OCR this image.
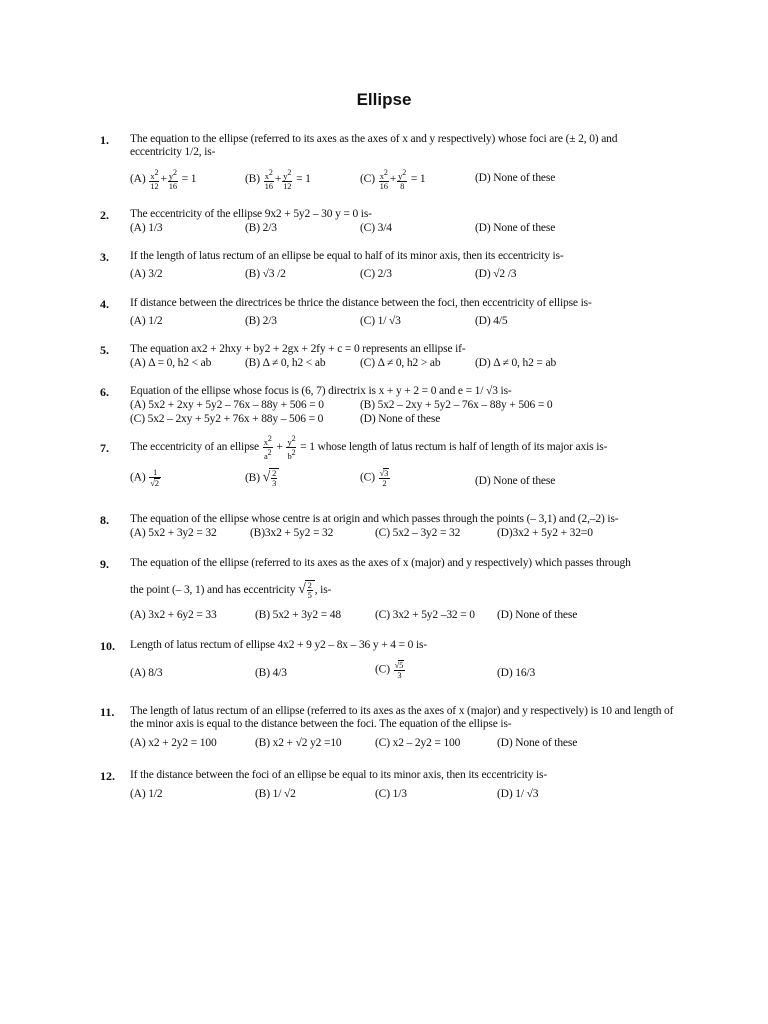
Ellipse
1. The equation to the ellipse (referred to its axes as the axes of x and y respectively) whose foci are (± 2, 0) and eccentricity 1/2, is-
$(A) \frac{x^2}{12} + \frac{y^2}{16} = 1$	$(B) \frac{x^2}{16} + \frac{y^2}{12} = 1$	$(C) \frac{x^2}{16} + \frac{y^2}{8} = 1$	(D) None of these
2. The eccentricity of the ellipse 9x2 + 5y2 – 30 y = 0 is-
(A) 1/3	(B) 2/3	(C) 3/4	(D) None of these
3. If the length of latus rectum of an ellipse be equal to half of its minor axis, then its eccentricity is-
(A) 3/2	(B) √3 /2	(C) 2/3	(D) √2 /3
4. If distance between the directrices be thrice the distance between the foci, then eccentricity of ellipse is-
(A) 1/2	(B) 2/3	(C) 1/ √3	(D) 4/5
5. The equation ax2 + 2hxy + by2 + 2gx + 2fy + c = 0 represents an ellipse if-
(A) Δ = 0, h2 < ab	(B) Δ ≠ 0, h2 < ab	(C) Δ ≠ 0, h2 > ab	(D) Δ ≠ 0, h2 = ab
6. Equation of the ellipse whose focus is (6, 7) directrix is x + y + 2 = 0 and e = 1/ √3 is-
(A) 5x2 + 2xy + 5y2 – 76x – 88y + 506 = 0	(B) 5x2 – 2xy + 5y2 – 76x – 88y + 506 = 0
(C) 5x2 – 2xy + 5y2 + 76x + 88y – 506 = 0	(D) None of these
7. The eccentricity of an ellipse $\frac{x^2}{a^2} + \frac{y^2}{b^2} = 1$ whose length of latus rectum is half of length of its major axis is-
$(A) \frac{1}{√2}$	(B) √ $\frac{2}{3}$	$(C) \frac{√3}{2}$	(D) None of these
8. The equation of the ellipse whose centre is at origin and which passes through the points (– 3,1) and (2,–2) is-
(A) 5x2 + 3y2 = 32	(B)3x2 + 5y2 = 32	(C) 5x2 – 3y2 = 32	(D)3x2 + 5y2 + 32=0
9. The equation of the ellipse (referred to its axes as the axes of x (major) and y respectively) which passes through
the point (– 3, 1) and has eccentricity √ $\frac{2}{5}$ , is-
(A) 3x2 + 6y2 = 33	(B) 5x2 + 3y2 = 48	(C) 3x2 + 5y2 –32 = 0 (D) None of these
10. Length of latus rectum of ellipse 4x2 + 9 y2 – 8x – 36 y + 4 = 0 is-
(A) 8/3	(B) 4/3	$(C) \frac{√5}{3}$	(D) 16/3
11. The length of latus rectum of an ellipse (referred to its axes as the axes of x (major) and y respectively) is 10 and length of the minor axis is equal to the distance between the foci. The equation of the ellipse is-
(A) x2 + 2y2 = 100	(B) x2 + √2 y2 =10	(C) x2 – 2y2 = 100	(D) None of these
12. If the distance between the foci of an ellipse be equal to its minor axis, then its eccentricity is-
(A) 1/2	(B) 1/ √2	(C) 1/3	(D) 1/ √3
